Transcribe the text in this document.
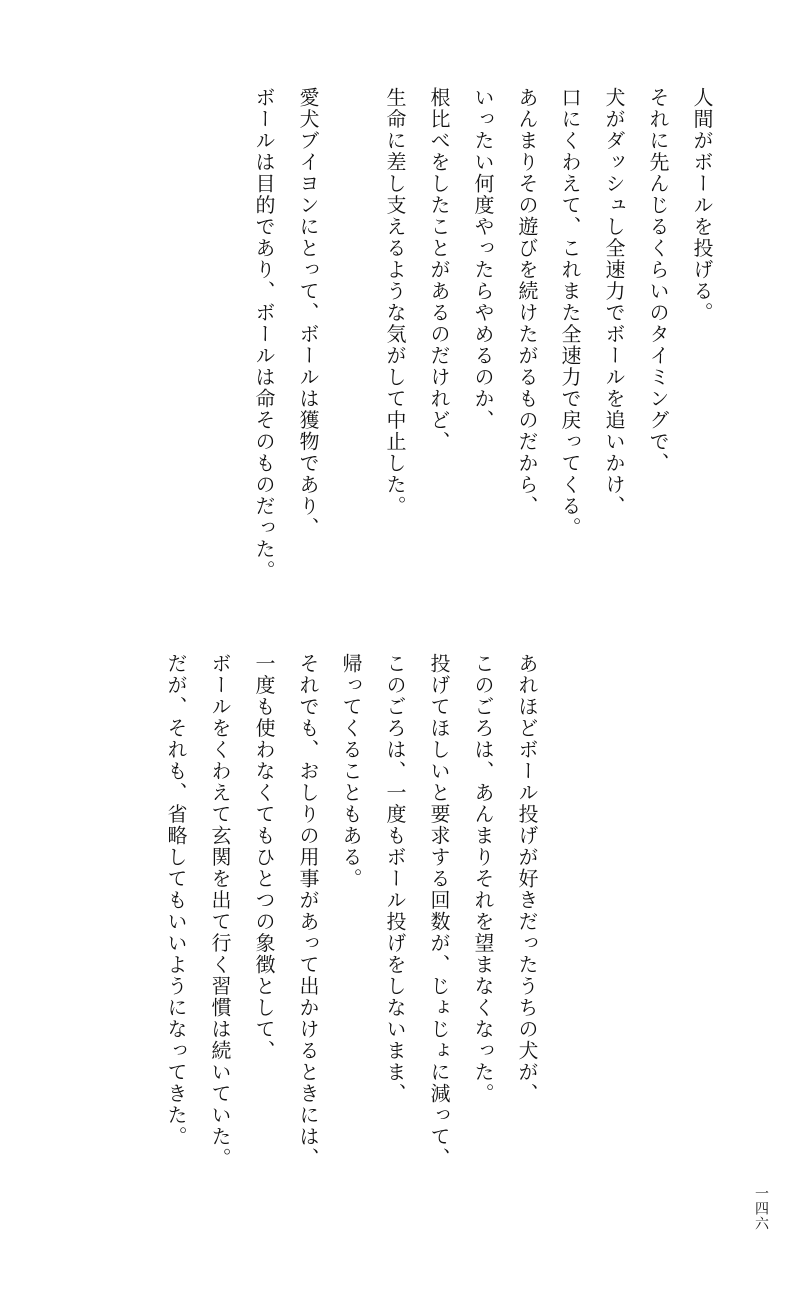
人間がボールを投げる。
それに先んじるくらいのタイミングで、
犬がダッシュし全速力でボールを追いかけ、
口にくわえて、これまた全速力で戻ってくる。
あんまりその遊びを続けたがるものだから、
いったい何度やったらやめるのか、
根比べをしたことがあるのだけれど、
生命に差し支えるような気がして中止した。
愛犬ブイヨンにとって、ボールは獲物であり、
ボールは目的であり、ボールは命そのものだった。
あれほどボール投げが好きだったうちの犬が、
このごろは、あんまりそれを望まなくなった。
投げてほしいと要求する回数が、じょじょに減って、
このごろは、一度もボール投げをしないまま、
帰ってくることもある。
それでも、おしりの用事があって出かけるときには、
一度も使わなくてもひとつの象徴として、
ボールをくわえて玄関を出て行く習慣は続いていた。
だが、それも、省略してもいいようになってきた。
一四六
